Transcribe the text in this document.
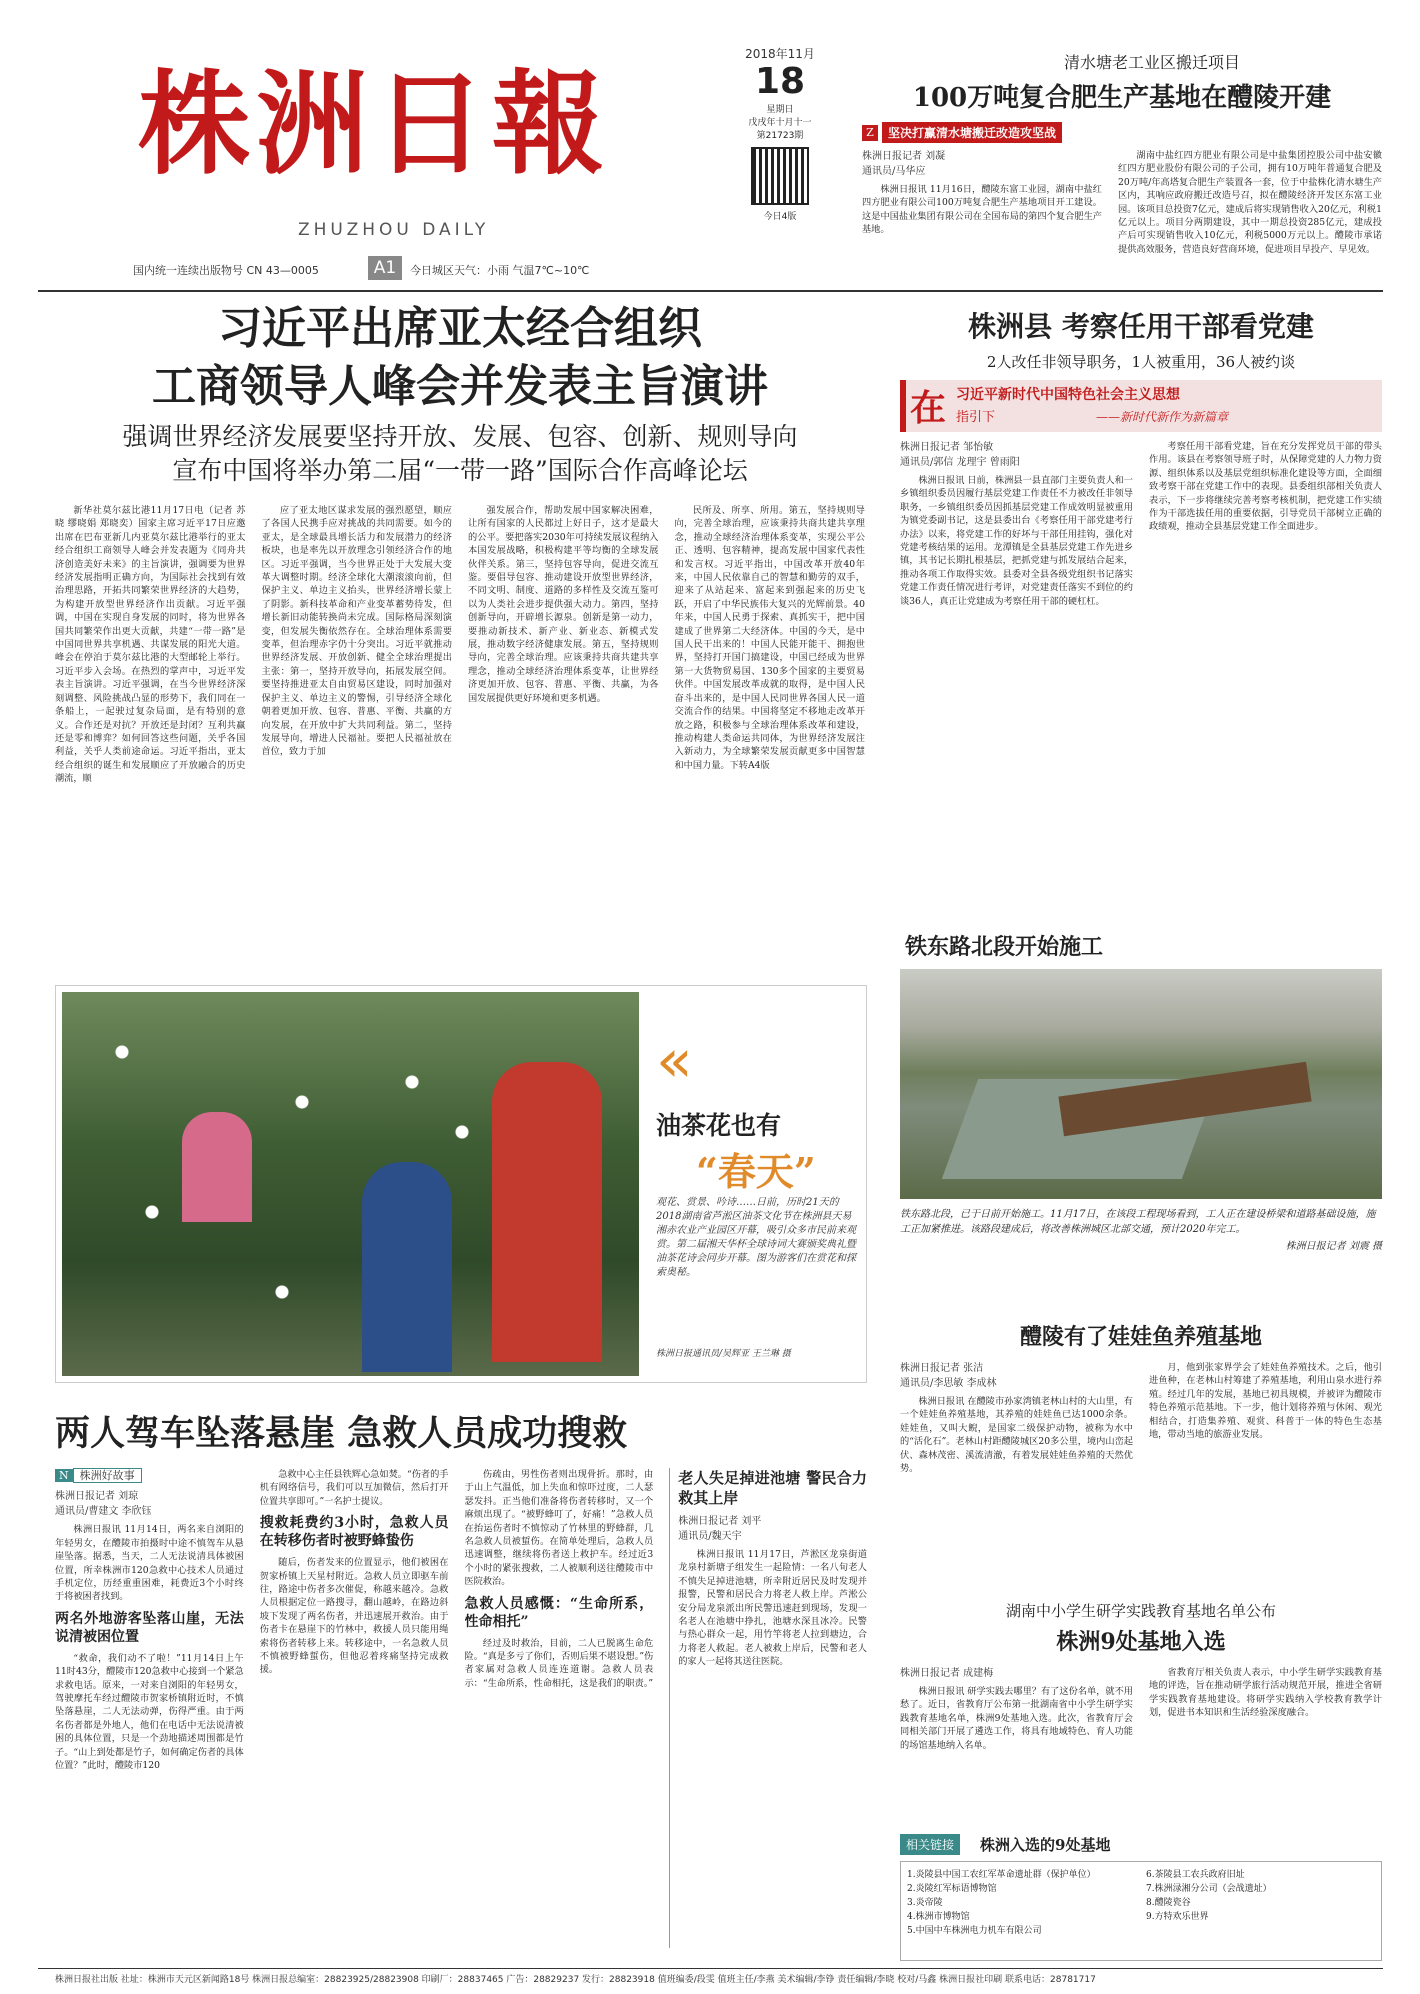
株洲日報
ZHUZHOU DAILY
国内统一连续出版物号 CN 43—0005	A1	今日城区天气：小雨 气温7℃~10℃
2018年11月
18
星期日
戊戌年十月十一
第21723期
今日4版
清水塘老工业区搬迁项目
100万吨复合肥生产基地在醴陵开建
Z	坚决打赢清水塘搬迁改造攻坚战
株洲日报记者 刘凝
通讯员/马华应

株洲日报讯 11月16日，醴陵东富工业园，湖南中盐红四方肥业有限公司100万吨复合肥生产基地项目开工建设。这是中国盐业集团有限公司在全国布局的第四个复合肥生产基地。

湖南中盐红四方肥业有限公司是中盐集团控股公司中盐安徽红四方肥业股份有限公司的子公司，拥有10万吨年普通复合肥及20万吨/年高塔复合肥生产装置各一套，位于中盐株化清水塘生产区内，其响应政府搬迁改造号召，拟在醴陵经济开发区东富工业园。该项目总投资7亿元，建成后将实现销售收入20亿元，利税1亿元以上。项目分两期建设，其中一期总投资285亿元，建成投产后可实现销售收入10亿元，利税5000万元以上。醴陵市承诺提供高效服务，营造良好营商环境，促进项目早投产、早见效。

习近平出席亚太经合组织
工商领导人峰会并发表主旨演讲
强调世界经济发展要坚持开放、发展、包容、创新、规则导向
宣布中国将举办第二届“一带一路”国际合作高峰论坛

新华社莫尔兹比港11月17日电（记者 苏晓 缪晓娟 郑晓奕）国家主席习近平17日应邀出席在巴布亚新几内亚莫尔兹比港举行的亚太经合组织工商领导人峰会并发表题为《同舟共济创造美好未来》的主旨演讲，强调要为世界经济发展指明正确方向，为国际社会找到有效治理思路，开拓共同繁荣世界经济的大趋势，为构建开放型世界经济作出贡献。习近平强调，中国在实现自身发展的同时，将为世界各国共同繁荣作出更大贡献，共建“一带一路”是中国同世界共享机遇、共谋发展的阳光大道。峰会在停泊于莫尔兹比港的大型邮轮上举行。习近平步入会场。在热烈的掌声中，习近平发表主旨演讲。习近平强调，在当今世界经济深刻调整、风险挑战凸显的形势下，我们同在一条船上，一起驶过复杂局面，是有特别的意义。合作还是对抗？开放还是封闭？互利共赢还是零和博弈？如何回答这些问题，关乎各国利益，关乎人类前途命运。习近平指出，亚太经合组织的诞生和发展顺应了开放融合的历史潮流，顺

应了亚太地区谋求发展的强烈愿望，顺应了各国人民携手应对挑战的共同需要。如今的亚太，是全球最具增长活力和发展潜力的经济板块，也是率先以开放理念引领经济合作的地区。习近平强调，当今世界正处于大发展大变革大调整时期。经济全球化大潮滚滚向前，但保护主义、单边主义抬头，世界经济增长蒙上了阴影。新科技革命和产业变革蓄势待发，但增长新旧动能转换尚未完成。国际格局深刻演变，但发展失衡依然存在。全球治理体系需要变革，但治理赤字仍十分突出。习近平就推动世界经济发展、开放创新、健全全球治理提出主张：第一，坚持开放导向，拓展发展空间。要坚持推进亚太自由贸易区建设，同时加强对保护主义、单边主义的警惕，引导经济全球化朝着更加开放、包容、普惠、平衡、共赢的方向发展，在开放中扩大共同利益。第二，坚持发展导向，增进人民福祉。要把人民福祉放在首位，致力于加

强发展合作，帮助发展中国家解决困难，让所有国家的人民都过上好日子，这才是最大的公平。要把落实2030年可持续发展议程纳入本国发展战略，积极构建平等均衡的全球发展伙伴关系。第三，坚持包容导向，促进交流互鉴。要倡导包容、推动建设开放型世界经济，不同文明、制度、道路的多样性及交流互鉴可以为人类社会进步提供强大动力。第四，坚持创新导向，开辟增长源泉。创新是第一动力，要推动新技术、新产业、新业态、新模式发展，推动数字经济健康发展。第五，坚持规则导向，完善全球治理。应该秉持共商共建共享理念，推动全球经济治理体系变革，让世界经济更加开放、包容、普惠、平衡、共赢，为各国发展提供更好环境和更多机遇。

民所及、所享、所用。第五，坚持规则导向，完善全球治理，应该秉持共商共建共享理念，推动全球经济治理体系变革，实现公平公正、透明、包容精神，提高发展中国家代表性和发言权。习近平指出，中国改革开放40年来，中国人民依靠自己的智慧和勤劳的双手，迎来了从站起来、富起来到强起来的历史飞跃，开启了中华民族伟大复兴的光辉前景。40年来，中国人民勇于探索、真抓实干，把中国建成了世界第二大经济体。中国的今天，是中国人民干出来的！中国人民能开能干、拥抱世界，坚持打开国门搞建设，中国已经成为世界第一大货物贸易国、130多个国家的主要贸易伙伴。中国发展改革成就的取得，是中国人民奋斗出来的，是中国人民同世界各国人民一道交流合作的结果。中国将坚定不移地走改革开放之路，积极参与全球治理体系改革和建设，推动构建人类命运共同体，为世界经济发展注入新动力，为全球繁荣发展贡献更多中国智慧和中国力量。下转A4版

«
油茶花也有
“春天”
观花、赏景、吟诗……日前，历时21天的2018湖南省芦淞区油茶文化节在株洲县天易湘赤农业产业园区开幕，吸引众多市民前来观赏。第二届湘天华杯全球诗词大赛颁奖典礼暨油茶花诗会同步开幕。图为游客们在赏花和探索奥秘。
株洲日报通讯员/吴辉亚 王兰琳 摄
两人驾车坠落悬崖 急救人员成功搜救
N	株洲好故事
株洲日报记者 刘琼
通讯员/曹建文 李欣钰

株洲日报讯 11月14日，两名来自浏阳的年轻男女，在醴陵市拍摄时中途不慎驾车从悬崖坠落。据悉，当天，二人无法说清具体被困位置，所幸株洲市120急救中心技术人员通过手机定位，历经重重困难，耗费近3个小时终于将被困者找到。

两名外地游客坠落山崖，无法说清被困位置

“救命，我们动不了啦！”11月14日上午11时43分，醴陵市120急救中心接到一个紧急求救电话。原来，一对来自浏阳的年轻男女，驾驶摩托车经过醴陵市贺家桥镇附近时，不慎坠落悬崖，二人无法动弹，伤得严重。由于两名伤者都是外地人，他们在电话中无法说清被困的具体位置，只是一个劲地描述周围都是竹子。“山上到处都是竹子，如何确定伤者的具体位置？”此时，醴陵市120

急救中心主任县铁辉心急如焚。“伤者的手机有网络信号，我们可以互加微信，然后打开位置共享即可。”一名护士提议。

搜救耗费约3小时，急救人员在转移伤者时被野蜂蛰伤

随后，伤者发来的位置显示，他们被困在贺家桥镇上天星村附近。急救人员立即驱车前往，路途中伤者多次催促，称越来越冷。急救人员根据定位一路搜寻，翻山越岭，在路边斜坡下发现了两名伤者，并迅速展开救治。由于伤者卡在悬崖下的竹林中，救援人员只能用绳索将伤者转移上来。转移途中，一名急救人员不慎被野蜂蜇伤，但他忍着疼痛坚持完成救援。

伤疏由，男性伤者则出现骨折。那时，由于山上气温低，加上失血和惊吓过度，二人瑟瑟发抖。正当他们准备将伤者转移时，又一个麻烦出现了。“被野蜂叮了，好痛！”急救人员在抬运伤者时不慎惊动了竹林里的野蜂群，几名急救人员被蜇伤。在简单处理后，急救人员迅速调整，继续将伤者送上救护车。经过近3个小时的紧张搜救，二人被顺利送往醴陵市中医院救治。

急救人员感慨：“生命所系，性命相托”

经过及时救治，目前，二人已脱离生命危险。“真是多亏了你们，否则后果不堪设想。”伤者家属对急救人员连连道谢。急救人员表示：“生命所系，性命相托，这是我们的职责。”

老人失足掉进池塘 警民合力救其上岸
株洲日报记者 刘平
通讯员/魏天宇

株洲日报讯 11月17日，芦淞区龙泉街道龙泉村新塘子组发生一起险情：一名八旬老人不慎失足掉进池塘，所幸附近居民及时发现并报警，民警和居民合力将老人救上岸。芦淞公安分局龙泉派出所民警迅速赶到现场，发现一名老人在池塘中挣扎，池塘水深且冰冷。民警与热心群众一起，用竹竿将老人拉到塘边，合力将老人救起。老人被救上岸后，民警和老人的家人一起将其送往医院。

株洲县 考察任用干部看党建
2人改任非领导职务，1人被重用，36人被约谈
在 习近平新时代中国特色社会主义思想
指引下	——新时代新作为新篇章
株洲日报记者 邹怡敏
通讯员/郭信 龙理宇 曾雨阳

株洲日报讯 日前，株洲县一县直部门主要负责人和一乡镇组织委员因履行基层党建工作责任不力被改任非领导职务，一乡镇组织委员因抓基层党建工作成效明显被重用为镇党委副书记，这是县委出台《考察任用干部党建考行办法》以来，将党建工作的好坏与干部任用挂钩，强化对党建考核结果的运用。龙潭镇是全县基层党建工作先进乡镇，其书记长期扎根基层，把抓党建与抓发展结合起来，推动各项工作取得实效。县委对全县各级党组织书记落实党建工作责任情况进行考评，对党建责任落实不到位的约谈36人，真正让党建成为考察任用干部的硬杠杠。

考察任用干部看党建，旨在充分发挥党员干部的带头作用。该县在考察领导班子时，从保障党建的人力物力资源、组织体系以及基层党组织标准化建设等方面，全面细致考察干部在党建工作中的表现。县委组织部相关负责人表示，下一步将继续完善考察考核机制，把党建工作实绩作为干部选拔任用的重要依据，引导党员干部树立正确的政绩观，推动全县基层党建工作全面进步。

铁东路北段开始施工
铁东路北段，已于日前开始施工。11月17日，在该段工程现场看到，工人正在建设桥梁和道路基础设施，施工正加紧推进。该路段建成后，将改善株洲城区北部交通，预计2020年完工。
株洲日报记者 刘震 摄
醴陵有了娃娃鱼养殖基地
株洲日报记者 张洁
通讯员/李思敏 李成林

株洲日报讯 在醴陵市孙家湾镇老林山村的大山里，有一个娃娃鱼养殖基地，其养殖的娃娃鱼已达1000余条。娃娃鱼，又叫大鲵，是国家二级保护动物，被称为水中的“活化石”。老林山村距醴陵城区20多公里，境内山峦起伏、森林茂密、溪流清澈，有着发展娃娃鱼养殖的天然优势。

月，他到张家界学会了娃娃鱼养殖技术。之后，他引进鱼种，在老林山村筹建了养殖基地，利用山泉水进行养殖。经过几年的发展，基地已初具规模，并被评为醴陵市特色养殖示范基地。下一步，他计划将养殖与休闲、观光相结合，打造集养殖、观赏、科普于一体的特色生态基地，带动当地的旅游业发展。

湖南中小学生研学实践教育基地名单公布
株洲9处基地入选
株洲日报记者 成建梅

株洲日报讯 研学实践去哪里？有了这份名单，就不用愁了。近日，省教育厅公布第一批湖南省中小学生研学实践教育基地名单，株洲9处基地入选。此次，省教育厅会同相关部门开展了遴选工作，将具有地域特色、育人功能的场馆基地纳入名单。

省教育厅相关负责人表示，中小学生研学实践教育基地的评选，旨在推动研学旅行活动规范开展，推进全省研学实践教育基地建设。将研学实践纳入学校教育教学计划，促进书本知识和生活经验深度融合。

相关链接	株洲入选的9处基地
1.炎陵县中国工农红军革命遗址群（保护单位）
2.炎陵红军标语博物馆
3.炎帝陵
4.株洲市博物馆
5.中国中车株洲电力机车有限公司
6.茶陵县工农兵政府旧址
7.株洲渌湘分公司（会战遗址）
8.醴陵瓷谷
9.方特欢乐世界
株洲日报社出版 社址：株洲市天元区新闻路18号 株洲日报总编室：28823925/28823908 印刷厂：28837465 广告：28829237 发行：28823918 值班编委/段雯 值班主任/李燕 美术编辑/李铮 责任编辑/李晓 校对/马鑫 株洲日报社印刷 联系电话：28781717
